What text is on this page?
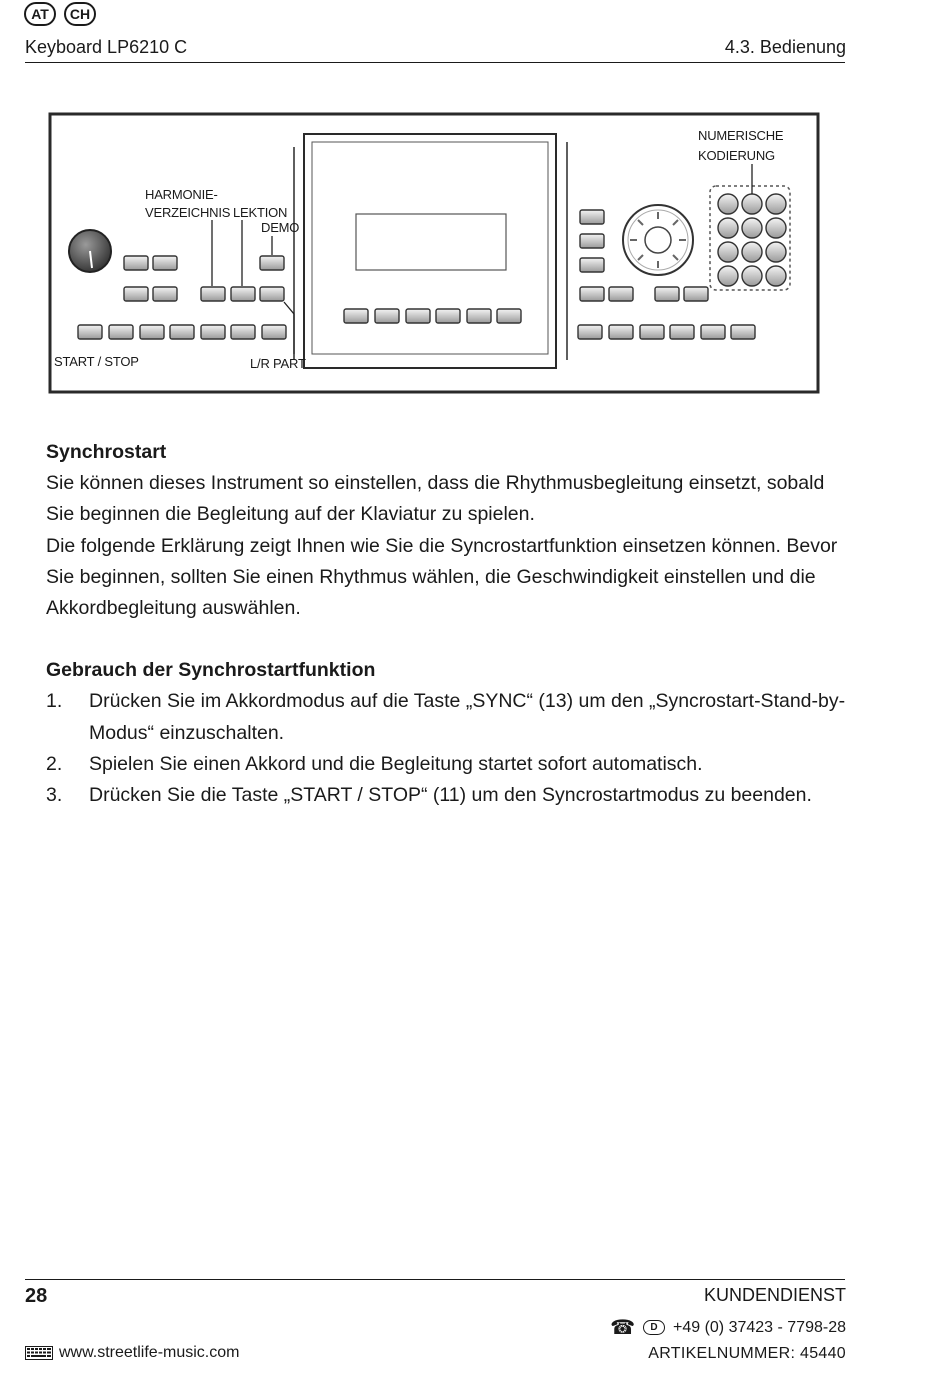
AT	CH
Keyboard LP6210 C	4.3. Bedienung
NUMERISCHE
KODIERUNG
HARMONIE-
VERZEICHNIS LEKTION
DEMO
START / STOP	L/R PART
Synchrostart

Sie können dieses Instrument so einstellen, dass die Rhythmusbegleitung einsetzt, sobald Sie beginnen die Begleitung auf der Klaviatur zu spielen.

Die folgende Erklärung zeigt Ihnen wie Sie die Syncrostartfunktion einsetzen können. Bevor Sie beginnen, sollten Sie einen Rhythmus wählen, die Geschwindigkeit einstellen und die Akkordbegleitung auswählen.

Gebrauch der Synchrostartfunktion
1.	Drücken Sie im Akkordmodus auf die Taste „SYNC“ (13) um den „Syncrostart-Stand-by-Modus“ einzuschalten.
2.	Spielen Sie einen Akkord und die Begleitung startet sofort automatisch.
3.	Drücken Sie die Taste „START / STOP“ (11) um den Syncrostartmodus zu beenden.
28	KUNDENDIENST
☎	D +49 (0) 37423 - 7798-28
www.streetlife-music.com	ARTIKELNUMMER: 45440
